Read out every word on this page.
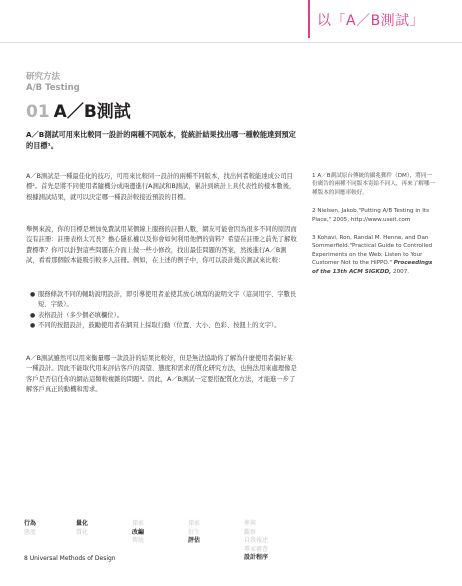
以「A／B測試」
研究方法
A/B Testing
01 A／B測試
A／B測試可用來比較同一設計的兩種不同版本，從統計結果找出哪一種較能達到預定的目標¹。
A／B測試是一種最佳化的技巧，可用來比較同一設計的兩種不同版本，找出何者較能達成公司目標²。首先是將不同使用者隨機分成兩邊進行A測試和B測試，累計到統計上具代表性的樣本數後，根據測試結果，就可以決定哪一種設計較接近預設的目標。
舉例來說，你的目標是增加免費試用某個線上服務的註冊人數，網友可能會因為很多不同的原因而沒有註冊：註冊表格太冗長？擔心隱私權以及你會如何利用他們的資料？希望在註冊之前先了解收費標準？你可以針對這些問題在介面上做一些小修改，找出最佳問題的答案，然後進行A／B測試，看看那個版本能吸引較多人註冊。例如，在上述的例子中，你可以設計幾次測試來比較：
● 服務條款不同的輔助說明設計，即引導使用者並使其放心填寫的說明文字（這詞用字、字數長短、字級）。
● 表格設計（多少個必填欄位）。
● 不同的按鈕設計，鼓勵使用者在網頁上採取行動（位置、大小、色彩、按鈕上的文字）。
A／B測試雖然可以用來衡量哪一款設計的結果比較好，但是無法協助你了解為什麼使用者偏好某一種設計。因此不能取代用來評估客戶的渴望、態度和需求的質化研究方法，也無法用來處理像是客戶是否信任你的網站這類較複雜的問題³。因此，A／B測試一定要搭配質化方法，才能進一步了解客戶真正的動機和需求。

1 A／B測試原台傳統的攝兆郵件（DM），將同一份廣告的兩種不同版本寄給不同人，再來了解哪一種版本的回應率較好。

2 Nielsen, Jakob."Putting A/B Testing in Its Place," 2005, http://www.useit.com

3 Kohavi, Ron, Randal M. Henne, and Dan Sommerfield."Practical Guide to Controlled Experiments on the Web: Listen to Your Customer Not to the HiPPO." Proceedings of the 13th ACM SIGKDD, 2007.

行為
態度
量化
質化
探索
改編
傳統
探索
衍生
評估
參與
觀察
自我報述
專家審查
設計程序
8 Universal Methods of Design
